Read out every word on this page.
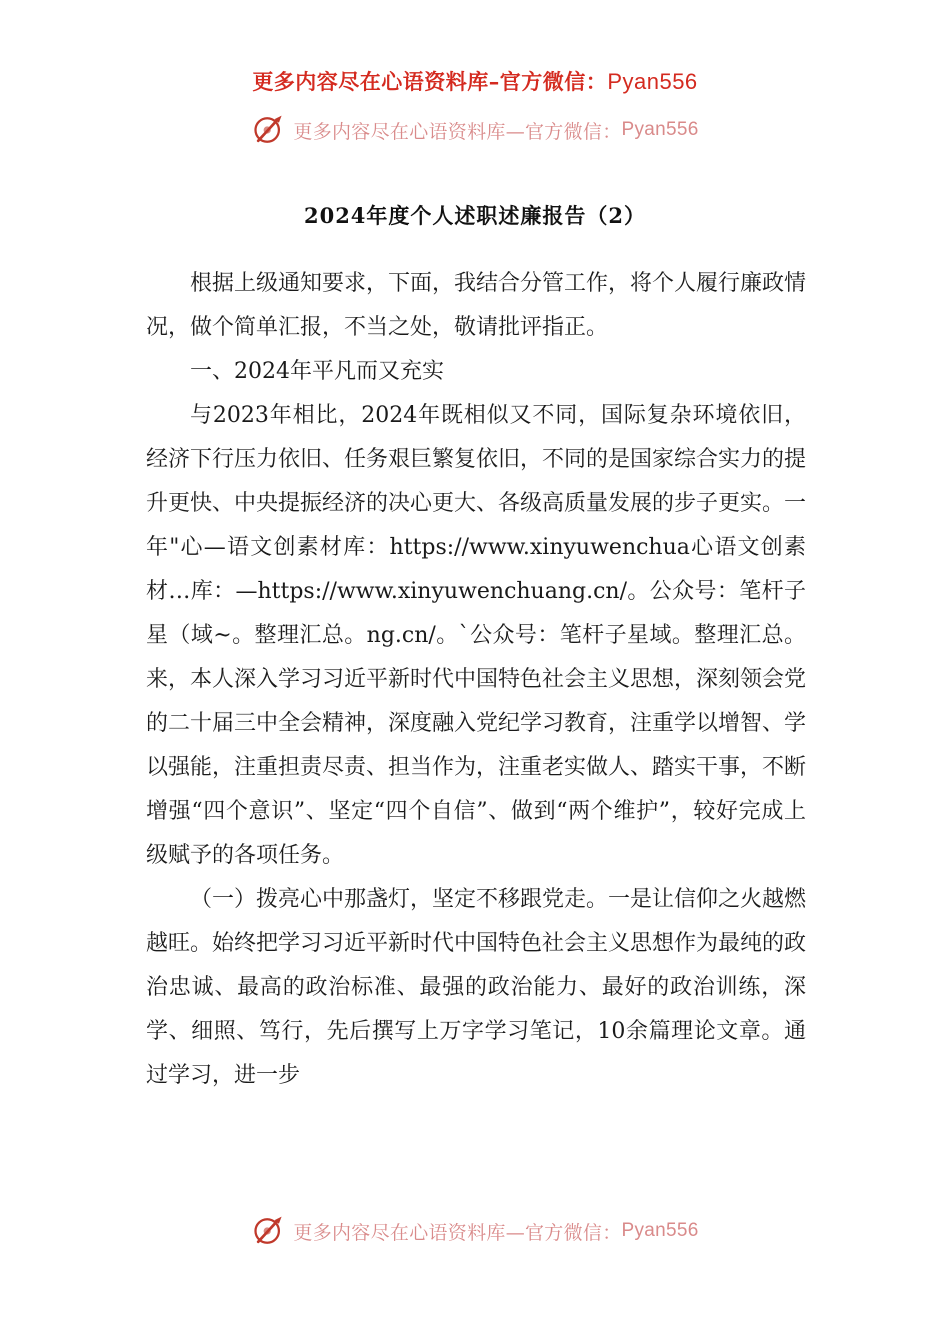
更多内容尽在心语资料库–官方微信：Pyan556
更多内容尽在心语资料库—官方微信： Pyan556
2024年度个人述职述廉报告（2）

根据上级通知要求，下面，我结合分管工作，将个人履行廉政情况，做个简单汇报，不当之处，敬请批评指正。

一、2024年平凡而又充实

与2023年相比，2024年既相似又不同，国际复杂环境依旧，经济下行压力依旧、任务艰巨繁复依旧，不同的是国家综合实力的提升更快、中央提振经济的决心更大、各级高质量发展的步子更实。一年"心—语文创素材库：https://www.xinyuwenchua心语文创素材…库：—https://www.xinyuwenchuang.cn/。公众号：笔杆子星（域~。整理汇总。ng.cn/。`公众号：笔杆子星域。整理汇总。来，本人深入学习习近平新时代中国特色社会主义思想，深刻领会党的二十届三中全会精神，深度融入党纪学习教育，注重学以增智、学以强能，注重担责尽责、担当作为，注重老实做人、踏实干事，不断增强“四个意识”、坚定“四个自信”、做到“两个维护”，较好完成上级赋予的各项任务。

（一）拨亮心中那盏灯，坚定不移跟党走。一是让信仰之火越燃越旺。始终把学习习近平新时代中国特色社会主义思想作为最纯的政治忠诚、最高的政治标准、最强的政治能力、最好的政治训练，深学、细照、笃行，先后撰写上万字学习笔记，10余篇理论文章。通过学习，进一步

更多内容尽在心语资料库—官方微信： Pyan556
